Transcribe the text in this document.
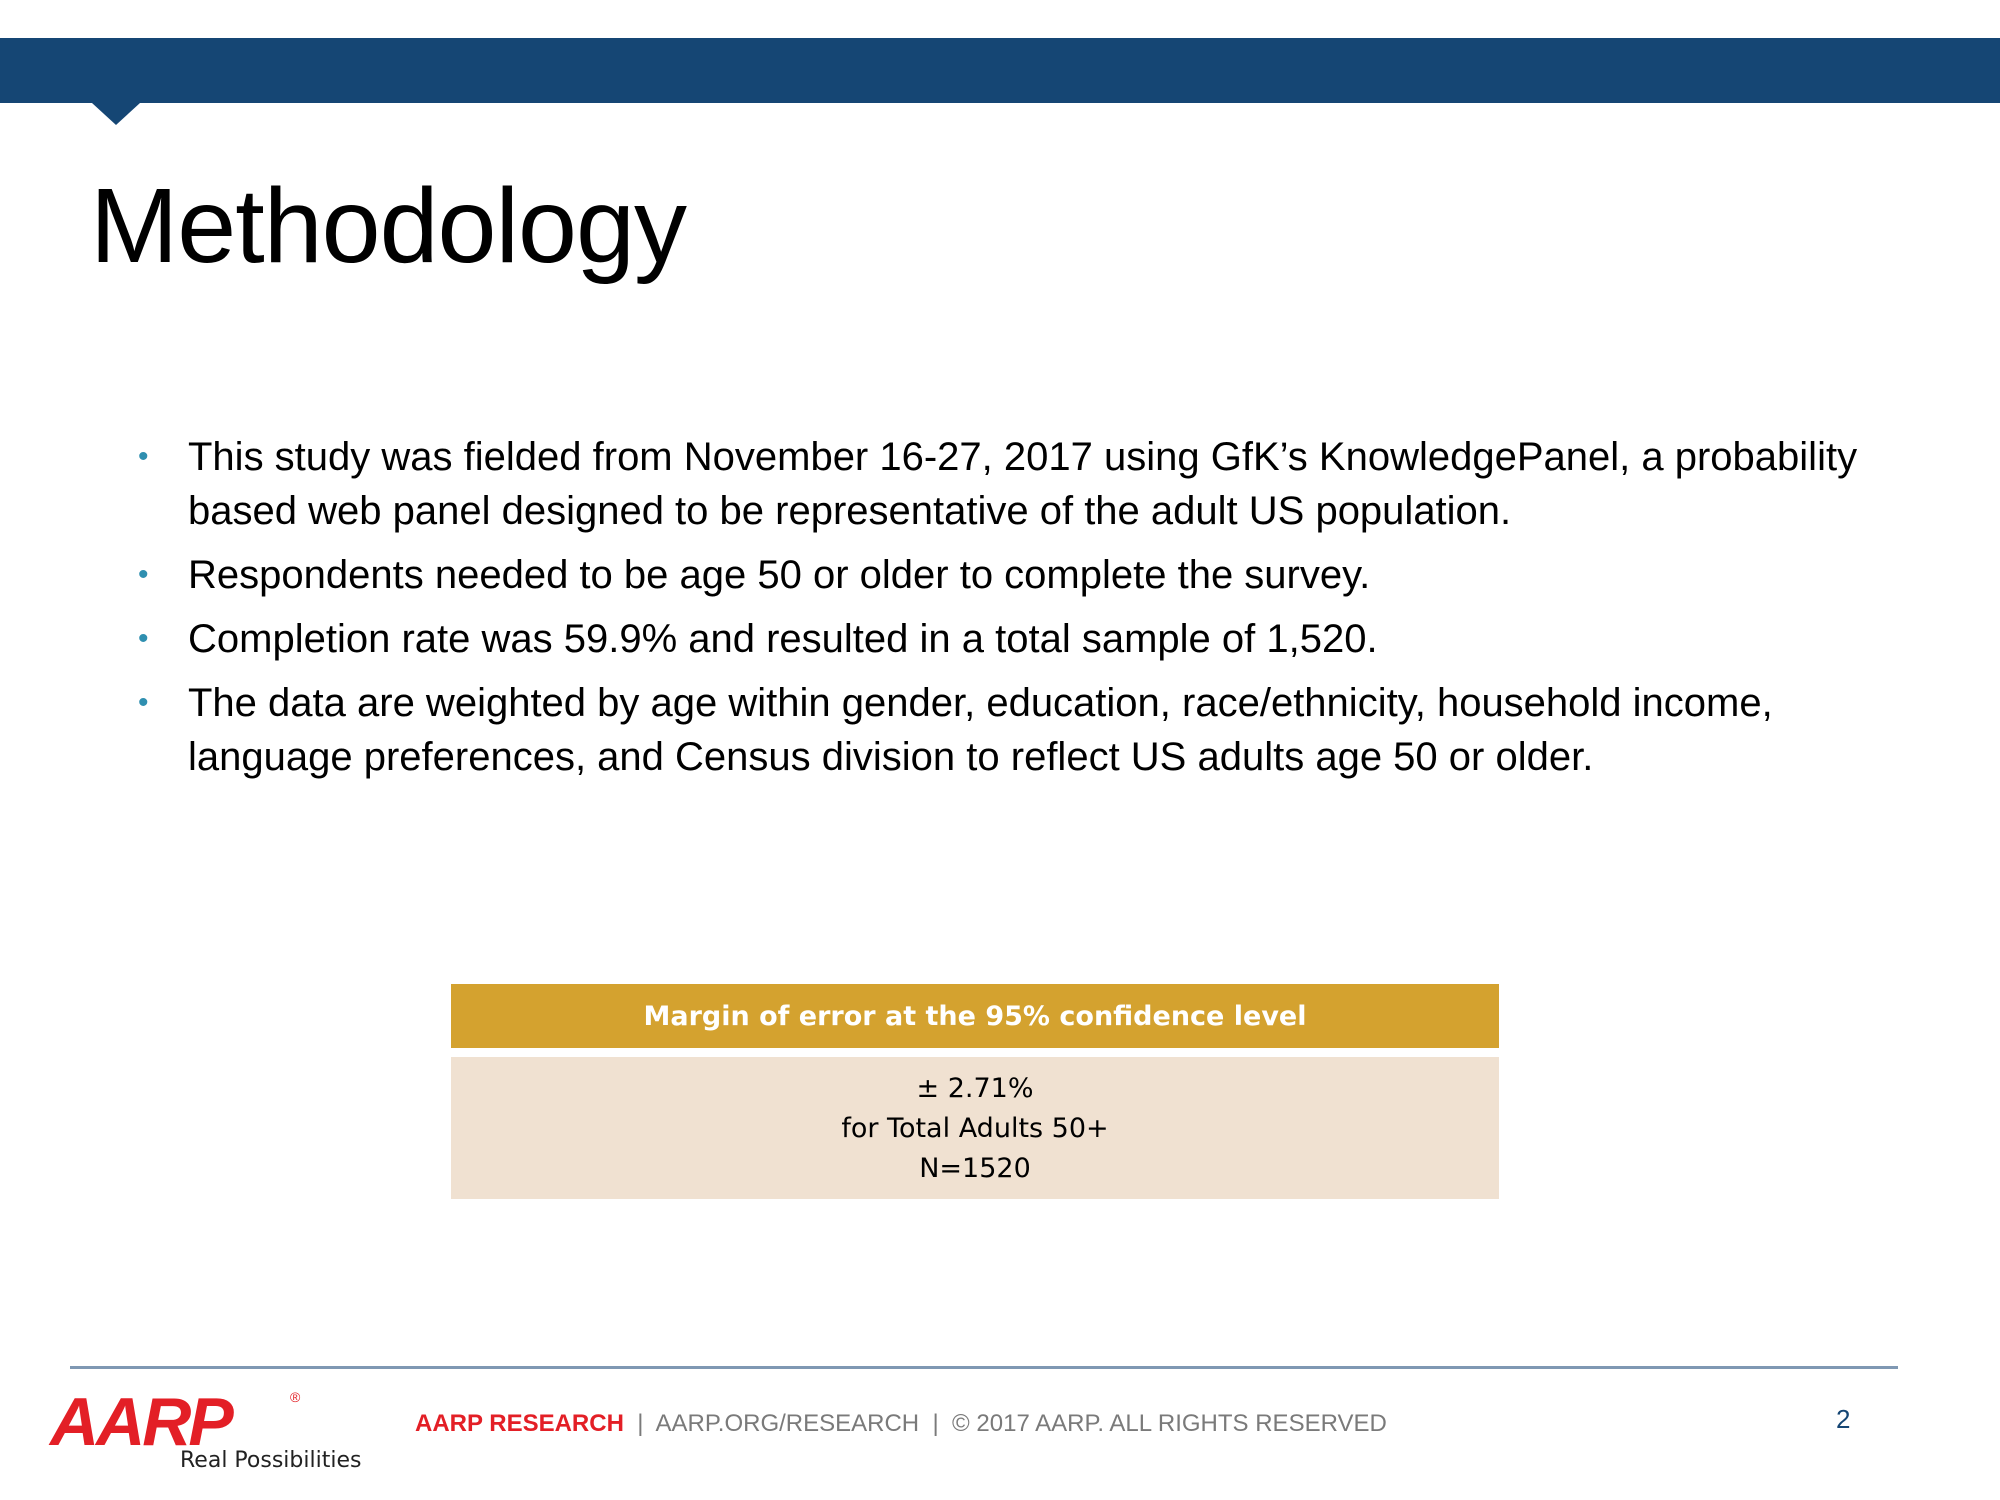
Methodology
• This study was fielded from November 16-27, 2017 using GfK’s KnowledgePanel, a probability based web panel designed to be representative of the adult US population.
• Respondents needed to be age 50 or older to complete the survey.
• Completion rate was 59.9% and resulted in a total sample of 1,520.
• The data are weighted by age within gender, education, race/ethnicity, household income, language preferences, and Census division to reflect US adults age 50 or older.
Margin of error at the 95% confidence level

± 2.71%
for Total Adults 50+
N=1520
AARP	®
Real Possibilities
AARP RESEARCH  |  AARP.ORG/RESEARCH  |  © 2017 AARP. ALL RIGHTS RESERVED	2
